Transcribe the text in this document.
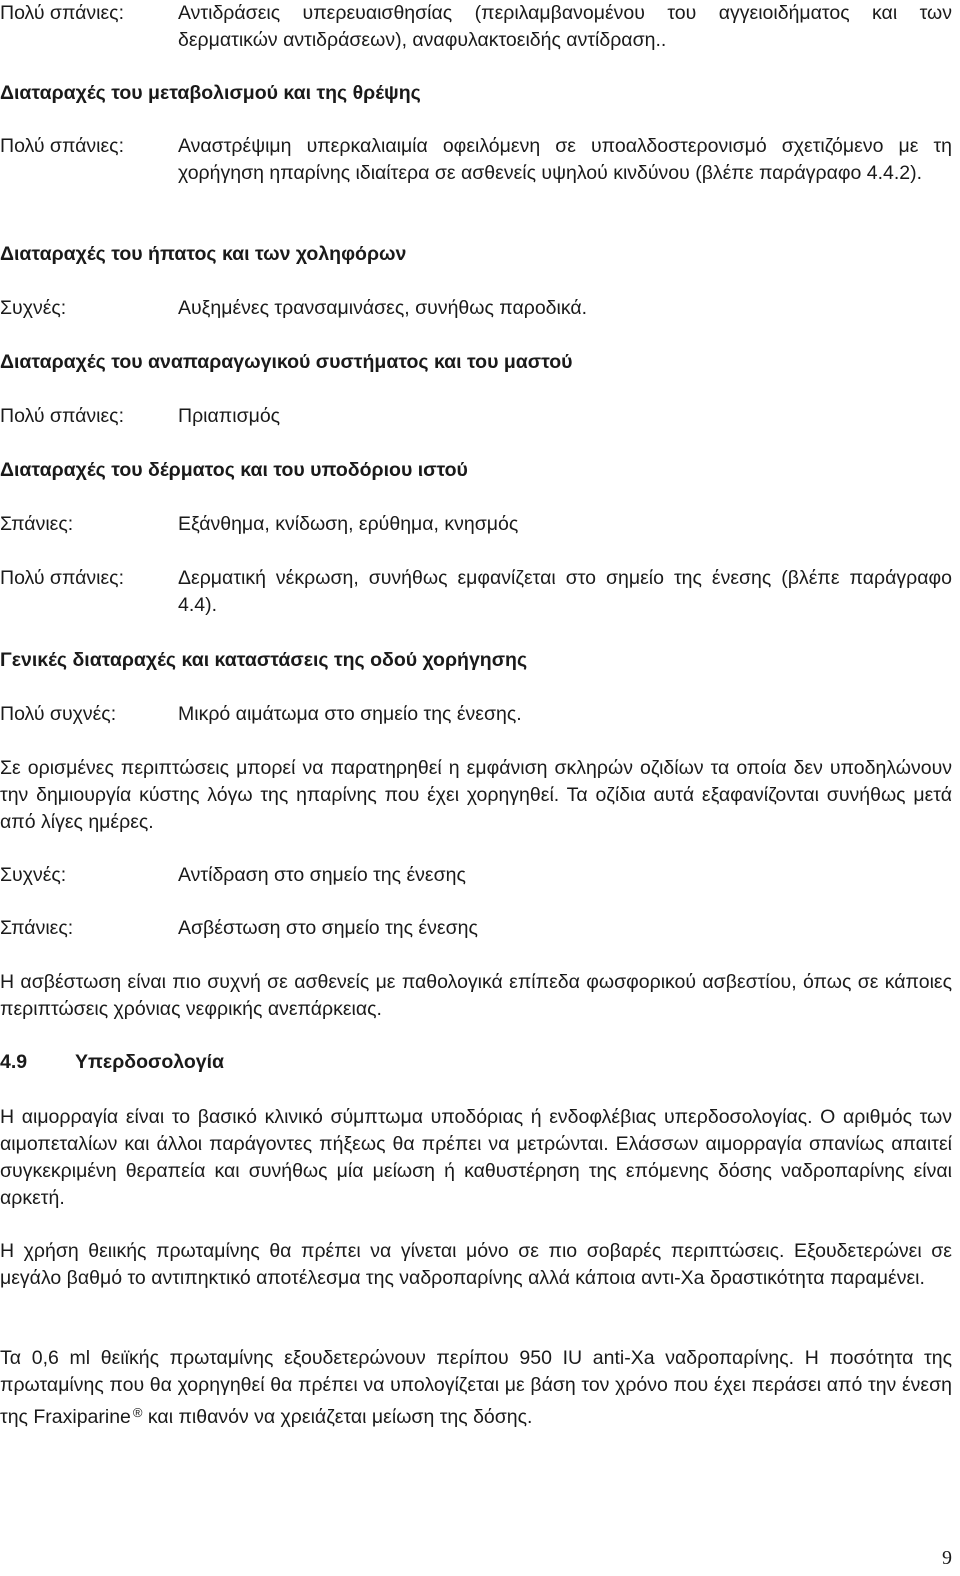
Πολύ σπάνιες:	Αντιδράσεις υπερευαισθησίας (περιλαμβανομένου του αγγειοιδήματος και των δερματικών αντιδράσεων), αναφυλακτοειδής αντίδραση..
Διαταραχές του μεταβολισμού και της θρέψης
Πολύ σπάνιες:	Αναστρέψιμη υπερκαλιαιμία οφειλόμενη σε υποαλδοστερονισμό σχετιζόμενο με τη χορήγηση ηπαρίνης ιδιαίτερα σε ασθενείς υψηλού κινδύνου (βλέπε παράγραφο 4.4.2).
Διαταραχές του ήπατος και των χοληφόρων
Συχνές:	Αυξημένες τρανσαμινάσες, συνήθως παροδικά.
Διαταραχές του αναπαραγωγικού συστήματος και του μαστού
Πολύ σπάνιες:	Πριαπισμός
Διαταραχές του δέρματος και του υποδόριου ιστού
Σπάνιες:	Εξάνθημα, κνίδωση, ερύθημα, κνησμός
Πολύ σπάνιες:	Δερματική νέκρωση, συνήθως εμφανίζεται στο σημείο της ένεσης (βλέπε παράγραφο 4.4).
Γενικές διαταραχές και καταστάσεις της οδού χορήγησης
Πολύ συχνές:	Μικρό αιμάτωμα στο σημείο της ένεσης.

Σε ορισμένες περιπτώσεις μπορεί να παρατηρηθεί η εμφάνιση σκληρών οζιδίων τα οποία δεν υποδηλώνουν την δημιουργία κύστης λόγω της ηπαρίνης που έχει χορηγηθεί. Τα οζίδια αυτά εξαφανίζονται συνήθως μετά από λίγες ημέρες.

Συχνές:	Αντίδραση στο σημείο της ένεσης
Σπάνιες:	Ασβέστωση στο σημείο της ένεσης

Η ασβέστωση είναι πιο συχνή σε ασθενείς με παθολογικά επίπεδα φωσφορικού ασβεστίου, όπως σε κάποιες περιπτώσεις χρόνιας νεφρικής ανεπάρκειας.

4.9 Υπερδοσολογία

Η αιμορραγία είναι το βασικό κλινικό σύμπτωμα υποδόριας ή ενδοφλέβιας υπερδοσολογίας. Ο αριθμός των αιμοπεταλίων και άλλοι παράγοντες πήξεως θα πρέπει να μετρώνται. Ελάσσων αιμορραγία σπανίως απαιτεί συγκεκριμένη θεραπεία και συνήθως μία μείωση ή καθυστέρηση της επόμενης δόσης ναδροπαρίνης είναι αρκετή.

Η χρήση θειικής πρωταμίνης θα πρέπει να γίνεται μόνο σε πιο σοβαρές περιπτώσεις. Εξουδετερώνει σε μεγάλο βαθμό το αντιπηκτικό αποτέλεσμα της ναδροπαρίνης αλλά κάποια αντι-Xa δραστικότητα παραμένει.

Τα 0,6 ml θειϊκής πρωταμίνης εξουδετερώνουν περίπου 950 IU anti-Xa ναδροπαρίνης. Η ποσότητα της πρωταμίνης που θα χορηγηθεί θα πρέπει να υπολογίζεται με βάση τον χρόνο που έχει περάσει από την ένεση της Fraxiparine ® και πιθανόν να χρειάζεται μείωση της δόσης.

9
